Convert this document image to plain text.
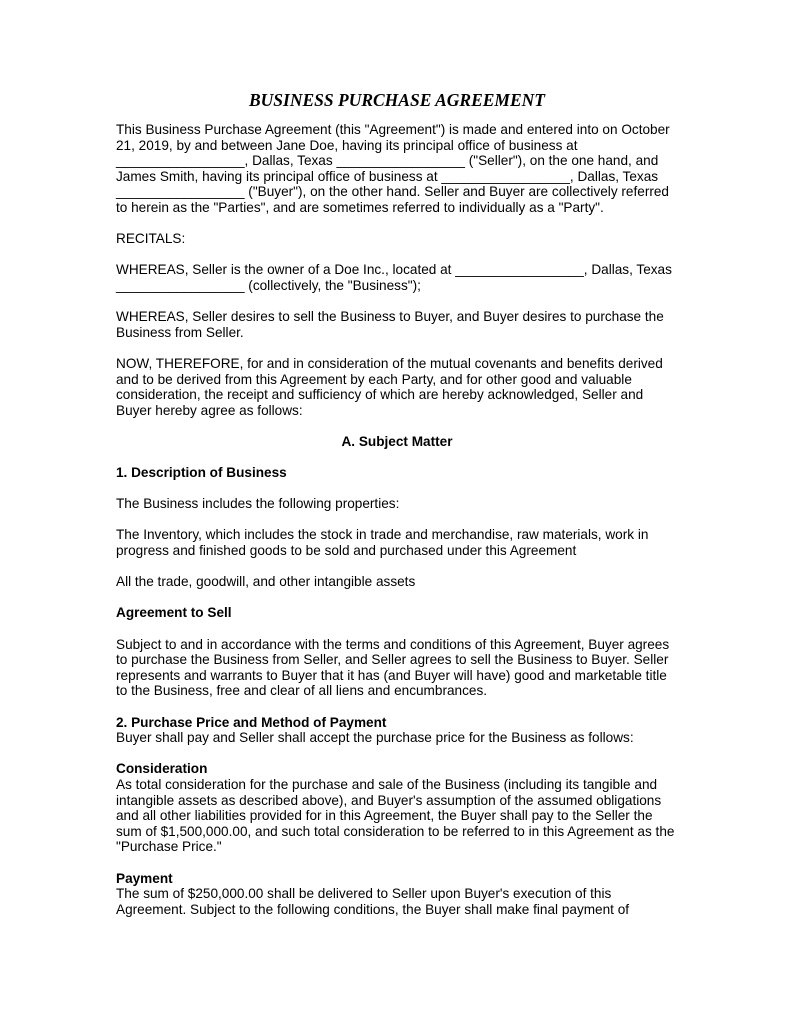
BUSINESS PURCHASE AGREEMENT

This Business Purchase Agreement (this "Agreement") is made and entered into on October 21, 2019, by and between Jane Doe, having its principal office of business at _________________, Dallas, Texas _________________ ("Seller"), on the one hand, and James Smith, having its principal office of business at _________________, Dallas, Texas _________________ ("Buyer"), on the other hand. Seller and Buyer are collectively referred to herein as the "Parties", and are sometimes referred to individually as a "Party".

RECITALS:

WHEREAS, Seller is the owner of a Doe Inc., located at _________________, Dallas, Texas _________________ (collectively, the "Business");

WHEREAS, Seller desires to sell the Business to Buyer, and Buyer desires to purchase the Business from Seller.

NOW, THEREFORE, for and in consideration of the mutual covenants and benefits derived and to be derived from this Agreement by each Party, and for other good and valuable consideration, the receipt and sufficiency of which are hereby acknowledged, Seller and Buyer hereby agree as follows:

A. Subject Matter

1. Description of Business

The Business includes the following properties:

The Inventory, which includes the stock in trade and merchandise, raw materials, work in progress and finished goods to be sold and purchased under this Agreement

All the trade, goodwill, and other intangible assets

Agreement to Sell

Subject to and in accordance with the terms and conditions of this Agreement, Buyer agrees to purchase the Business from Seller, and Seller agrees to sell the Business to Buyer. Seller represents and warrants to Buyer that it has (and Buyer will have) good and marketable title to the Business, free and clear of all liens and encumbrances.

2. Purchase Price and Method of Payment

Buyer shall pay and Seller shall accept the purchase price for the Business as follows:

Consideration

As total consideration for the purchase and sale of the Business (including its tangible and intangible assets as described above), and Buyer's assumption of the assumed obligations and all other liabilities provided for in this Agreement, the Buyer shall pay to the Seller the sum of $1,500,000.00, and such total consideration to be referred to in this Agreement as the "Purchase Price."

Payment

The sum of $250,000.00 shall be delivered to Seller upon Buyer's execution of this Agreement. Subject to the following conditions, the Buyer shall make final payment of
